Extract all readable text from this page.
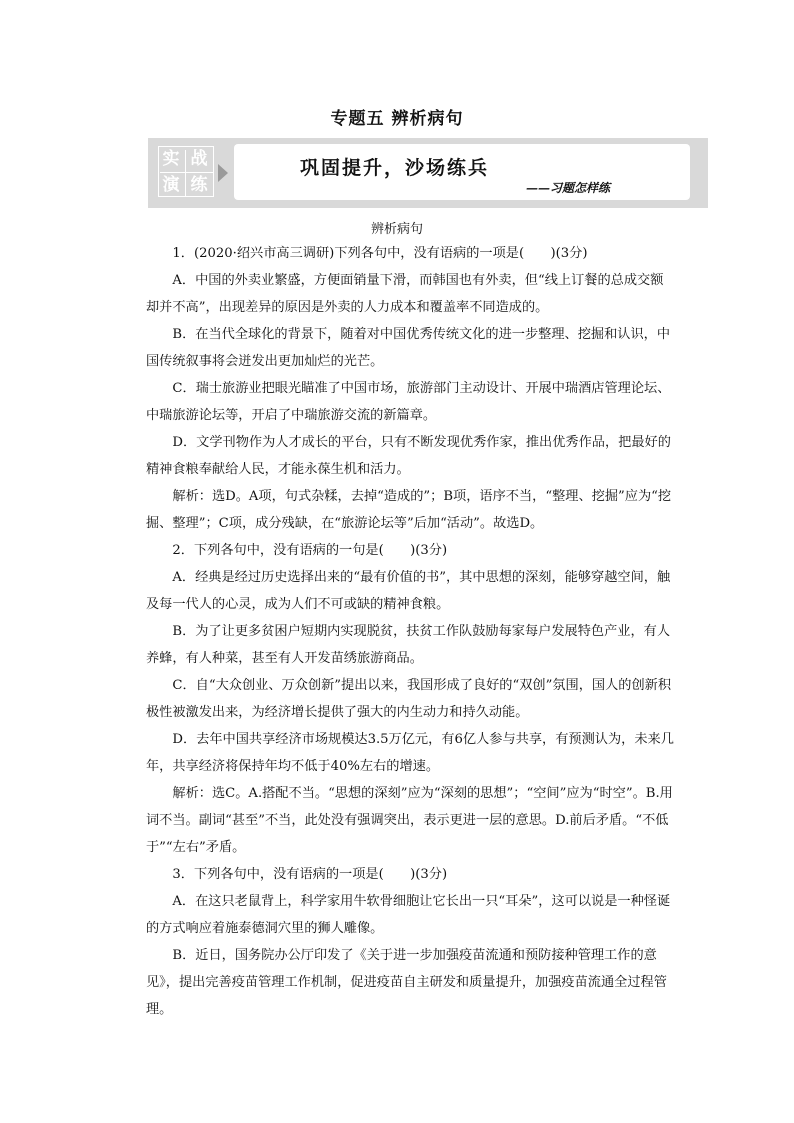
专题五 辨析病句
实 战
演 练
巩固提升，沙场练兵
——习题怎样练
辨析病句

1．(2020·绍兴市高三调研)下列各句中，没有语病的一项是(　　)(3分)

A．中国的外卖业繁盛，方便面销量下滑，而韩国也有外卖，但“线上订餐的总成交额却并不高”，出现差异的原因是外卖的人力成本和覆盖率不同造成的。

B．在当代全球化的背景下，随着对中国优秀传统文化的进一步整理、挖掘和认识，中国传统叙事将会迸发出更加灿烂的光芒。

C．瑞士旅游业把眼光瞄准了中国市场，旅游部门主动设计、开展中瑞酒店管理论坛、中瑞旅游论坛等，开启了中瑞旅游交流的新篇章。

D．文学刊物作为人才成长的平台，只有不断发现优秀作家，推出优秀作品，把最好的精神食粮奉献给人民，才能永葆生机和活力。

解析：选D。A项，句式杂糅，去掉“造成的”；B项，语序不当，“整理、挖掘”应为“挖掘、整理”；C项，成分残缺，在“旅游论坛等”后加“活动”。故选D。

2．下列各句中，没有语病的一句是(　　)(3分)

A．经典是经过历史选择出来的“最有价值的书”，其中思想的深刻，能够穿越空间，触及每一代人的心灵，成为人们不可或缺的精神食粮。

B．为了让更多贫困户短期内实现脱贫，扶贫工作队鼓励每家每户发展特色产业，有人养蜂，有人种菜，甚至有人开发苗绣旅游商品。

C．自“大众创业、万众创新”提出以来，我国形成了良好的“双创”氛围，国人的创新积极性被激发出来，为经济增长提供了强大的内生动力和持久动能。

D．去年中国共享经济市场规模达3.5万亿元，有6亿人参与共享，有预测认为，未来几年，共享经济将保持年均不低于40%左右的增速。

解析：选C。A.搭配不当。“思想的深刻”应为“深刻的思想”；“空间”应为“时空”。B.用词不当。副词“甚至”不当，此处没有强调突出，表示更进一层的意思。D.前后矛盾。“不低于”“左右”矛盾。

3．下列各句中，没有语病的一项是(　　)(3分)

A．在这只老鼠背上，科学家用牛软骨细胞让它长出一只“耳朵”，这可以说是一种怪诞的方式响应着施泰德洞穴里的狮人雕像。

B．近日，国务院办公厅印发了《关于进一步加强疫苗流通和预防接种管理工作的意见》，提出完善疫苗管理工作机制，促进疫苗自主研发和质量提升，加强疫苗流通全过程管理。
